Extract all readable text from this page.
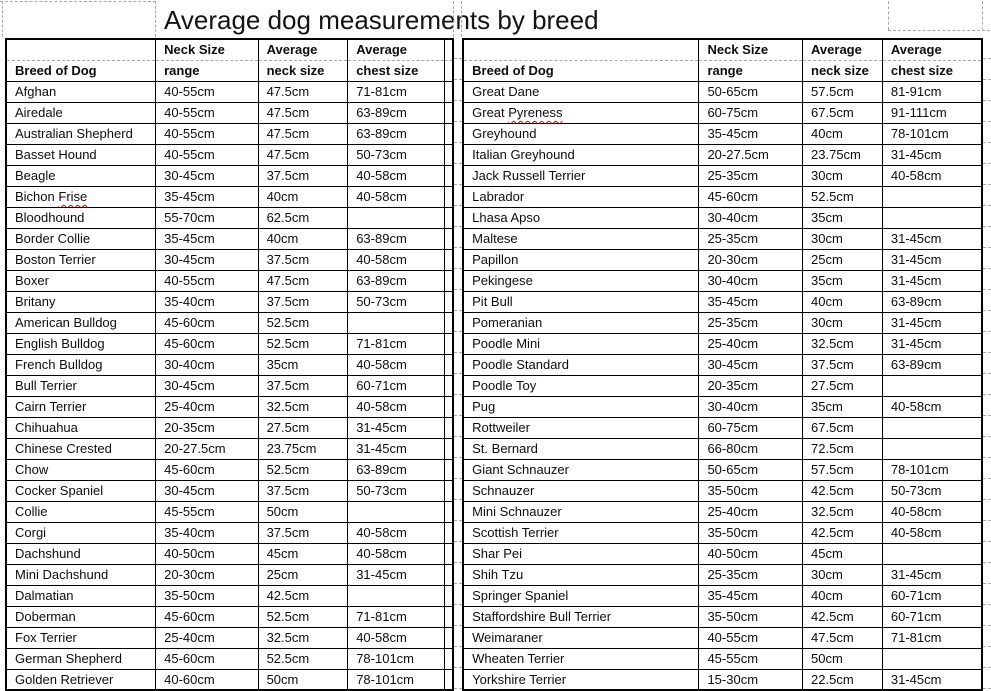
Average dog measurements by breed
	Neck Size	Average	Average	
Breed of Dog	range	neck size	chest size	
Afghan	40-55cm	47.5cm	71-81cm	
Airedale	40-55cm	47.5cm	63-89cm	
Australian Shepherd	40-55cm	47.5cm	63-89cm	
Basset Hound	40-55cm	47.5cm	50-73cm	
Beagle	30-45cm	37.5cm	40-58cm	
Bichon Frise	35-45cm	40cm	40-58cm	
Bloodhound	55-70cm	62.5cm		
Border Collie	35-45cm	40cm	63-89cm	
Boston Terrier	30-45cm	37.5cm	40-58cm	
Boxer	40-55cm	47.5cm	63-89cm	
Britany	35-40cm	37.5cm	50-73cm	
American Bulldog	45-60cm	52.5cm		
English Bulldog	45-60cm	52.5cm	71-81cm	
French Bulldog	30-40cm	35cm	40-58cm	
Bull Terrier	30-45cm	37.5cm	60-71cm	
Cairn Terrier	25-40cm	32.5cm	40-58cm	
Chihuahua	20-35cm	27.5cm	31-45cm	
Chinese Crested	20-27.5cm	23.75cm	31-45cm	
Chow	45-60cm	52.5cm	63-89cm	
Cocker Spaniel	30-45cm	37.5cm	50-73cm	
Collie	45-55cm	50cm		
Corgi	35-40cm	37.5cm	40-58cm	
Dachshund	40-50cm	45cm	40-58cm	
Mini Dachshund	20-30cm	25cm	31-45cm	
Dalmatian	35-50cm	42.5cm		
Doberman	45-60cm	52.5cm	71-81cm	
Fox Terrier	25-40cm	32.5cm	40-58cm	
German Shepherd	45-60cm	52.5cm	78-101cm	
Golden Retriever	40-60cm	50cm	78-101cm	
	Neck Size	Average	Average
Breed of Dog	range	neck size	chest size
Great Dane	50-65cm	57.5cm	81-91cm
Great Pyreness	60-75cm	67.5cm	91-111cm
Greyhound	35-45cm	40cm	78-101cm
Italian Greyhound	20-27.5cm	23.75cm	31-45cm
Jack Russell Terrier	25-35cm	30cm	40-58cm
Labrador	45-60cm	52.5cm	
Lhasa Apso	30-40cm	35cm	
Maltese	25-35cm	30cm	31-45cm
Papillon	20-30cm	25cm	31-45cm
Pekingese	30-40cm	35cm	31-45cm
Pit Bull	35-45cm	40cm	63-89cm
Pomeranian	25-35cm	30cm	31-45cm
Poodle Mini	25-40cm	32.5cm	31-45cm
Poodle Standard	30-45cm	37.5cm	63-89cm
Poodle Toy	20-35cm	27.5cm	
Pug	30-40cm	35cm	40-58cm
Rottweiler	60-75cm	67.5cm	
St. Bernard	66-80cm	72.5cm	
Giant Schnauzer	50-65cm	57.5cm	78-101cm
Schnauzer	35-50cm	42.5cm	50-73cm
Mini Schnauzer	25-40cm	32.5cm	40-58cm
Scottish Terrier	35-50cm	42.5cm	40-58cm
Shar Pei	40-50cm	45cm	
Shih Tzu	25-35cm	30cm	31-45cm
Springer Spaniel	35-45cm	40cm	60-71cm
Staffordshire Bull Terrier	35-50cm	42.5cm	60-71cm
Weimaraner	40-55cm	47.5cm	71-81cm
Wheaten Terrier	45-55cm	50cm	
Yorkshire Terrier	15-30cm	22.5cm	31-45cm
